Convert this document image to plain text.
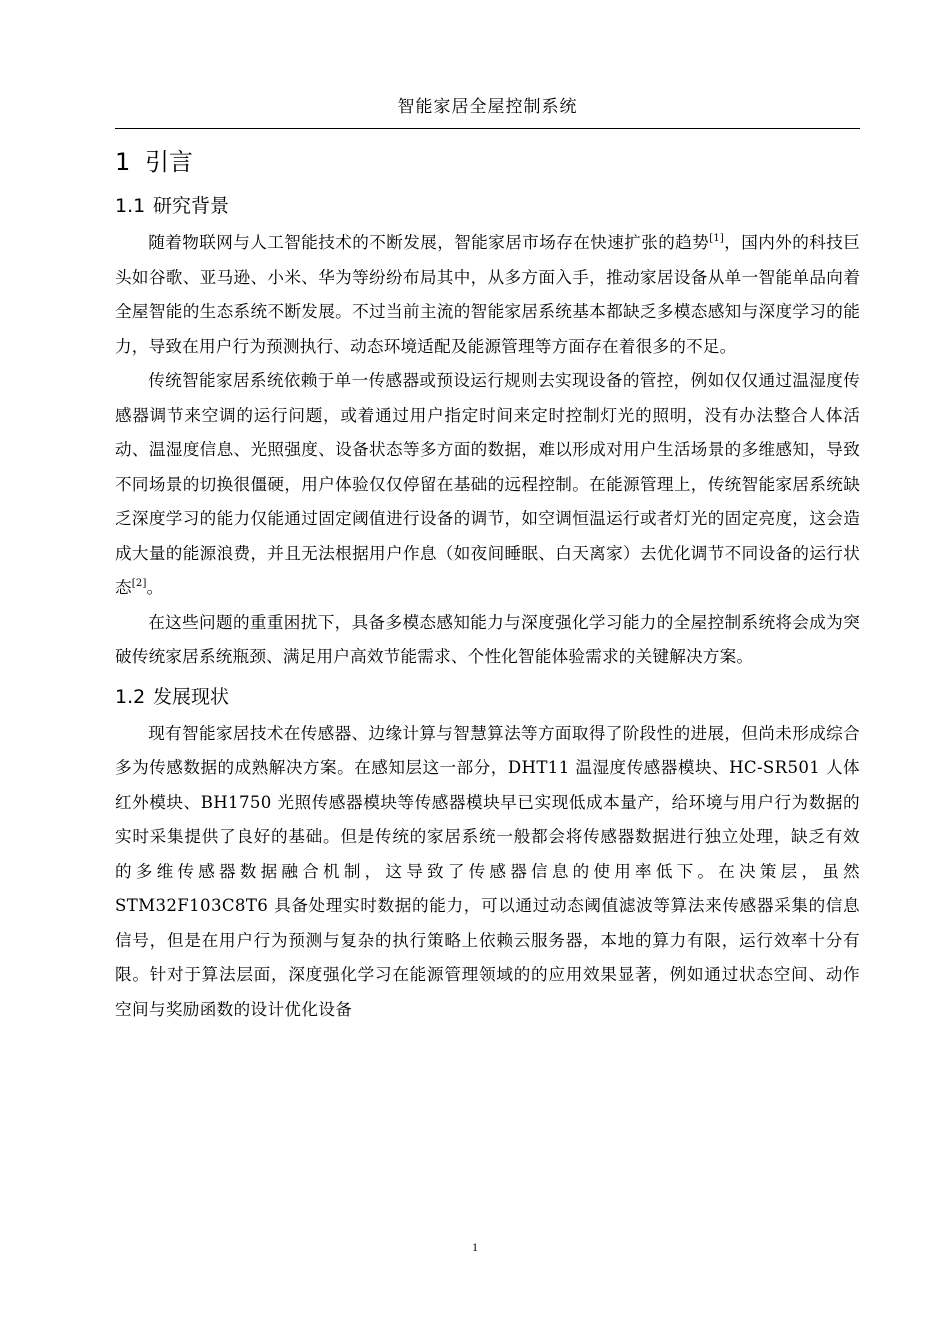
智能家居全屋控制系统
1 引言
1.1 研究背景

随着物联网与人工智能技术的不断发展，智能家居市场存在快速扩张的趋势[1]，国内外的科技巨头如谷歌、亚马逊、小米、华为等纷纷布局其中，从多方面入手，推动家居设备从单一智能单品向着全屋智能的生态系统不断发展。不过当前主流的智能家居系统基本都缺乏多模态感知与深度学习的能力，导致在用户行为预测执行、动态环境适配及能源管理等方面存在着很多的不足。

传统智能家居系统依赖于单一传感器或预设运行规则去实现设备的管控，例如仅仅通过温湿度传感器调节来空调的运行问题，或着通过用户指定时间来定时控制灯光的照明，没有办法整合人体活动、温湿度信息、光照强度、设备状态等多方面的数据，难以形成对用户生活场景的多维感知，导致不同场景的切换很僵硬，用户体验仅仅停留在基础的远程控制。在能源管理上，传统智能家居系统缺乏深度学习的能力仅能通过固定阈值进行设备的调节，如空调恒温运行或者灯光的固定亮度，这会造成大量的能源浪费，并且无法根据用户作息（如夜间睡眠、白天离家）去优化调节不同设备的运行状态[2]。

在这些问题的重重困扰下，具备多模态感知能力与深度强化学习能力的全屋控制系统将会成为突破传统家居系统瓶颈、满足用户高效节能需求、个性化智能体验需求的关键解决方案。

1.2 发展现状

现有智能家居技术在传感器、边缘计算与智慧算法等方面取得了阶段性的进展，但尚未形成综合多为传感数据的成熟解决方案。在感知层这一部分，DHT11 温湿度传感器模块、HC-SR501 人体红外模块、BH1750 光照传感器模块等传感器模块早已实现低成本量产，给环境与用户行为数据的实时采集提供了良好的基础。但是传统的家居系统一般都会将传感器数据进行独立处理，缺乏有效的多维传感器数据融合机制，这导致了传感器信息的使用率低下。在决策层，虽然 STM32F103C8T6 具备处理实时数据的能力，可以通过动态阈值滤波等算法来传感器采集的信息信号，但是在用户行为预测与复杂的执行策略上依赖云服务器，本地的算力有限，运行效率十分有限。针对于算法层面，深度强化学习在能源管理领域的的应用效果显著，例如通过状态空间、动作空间与奖励函数的设计优化设备

1
